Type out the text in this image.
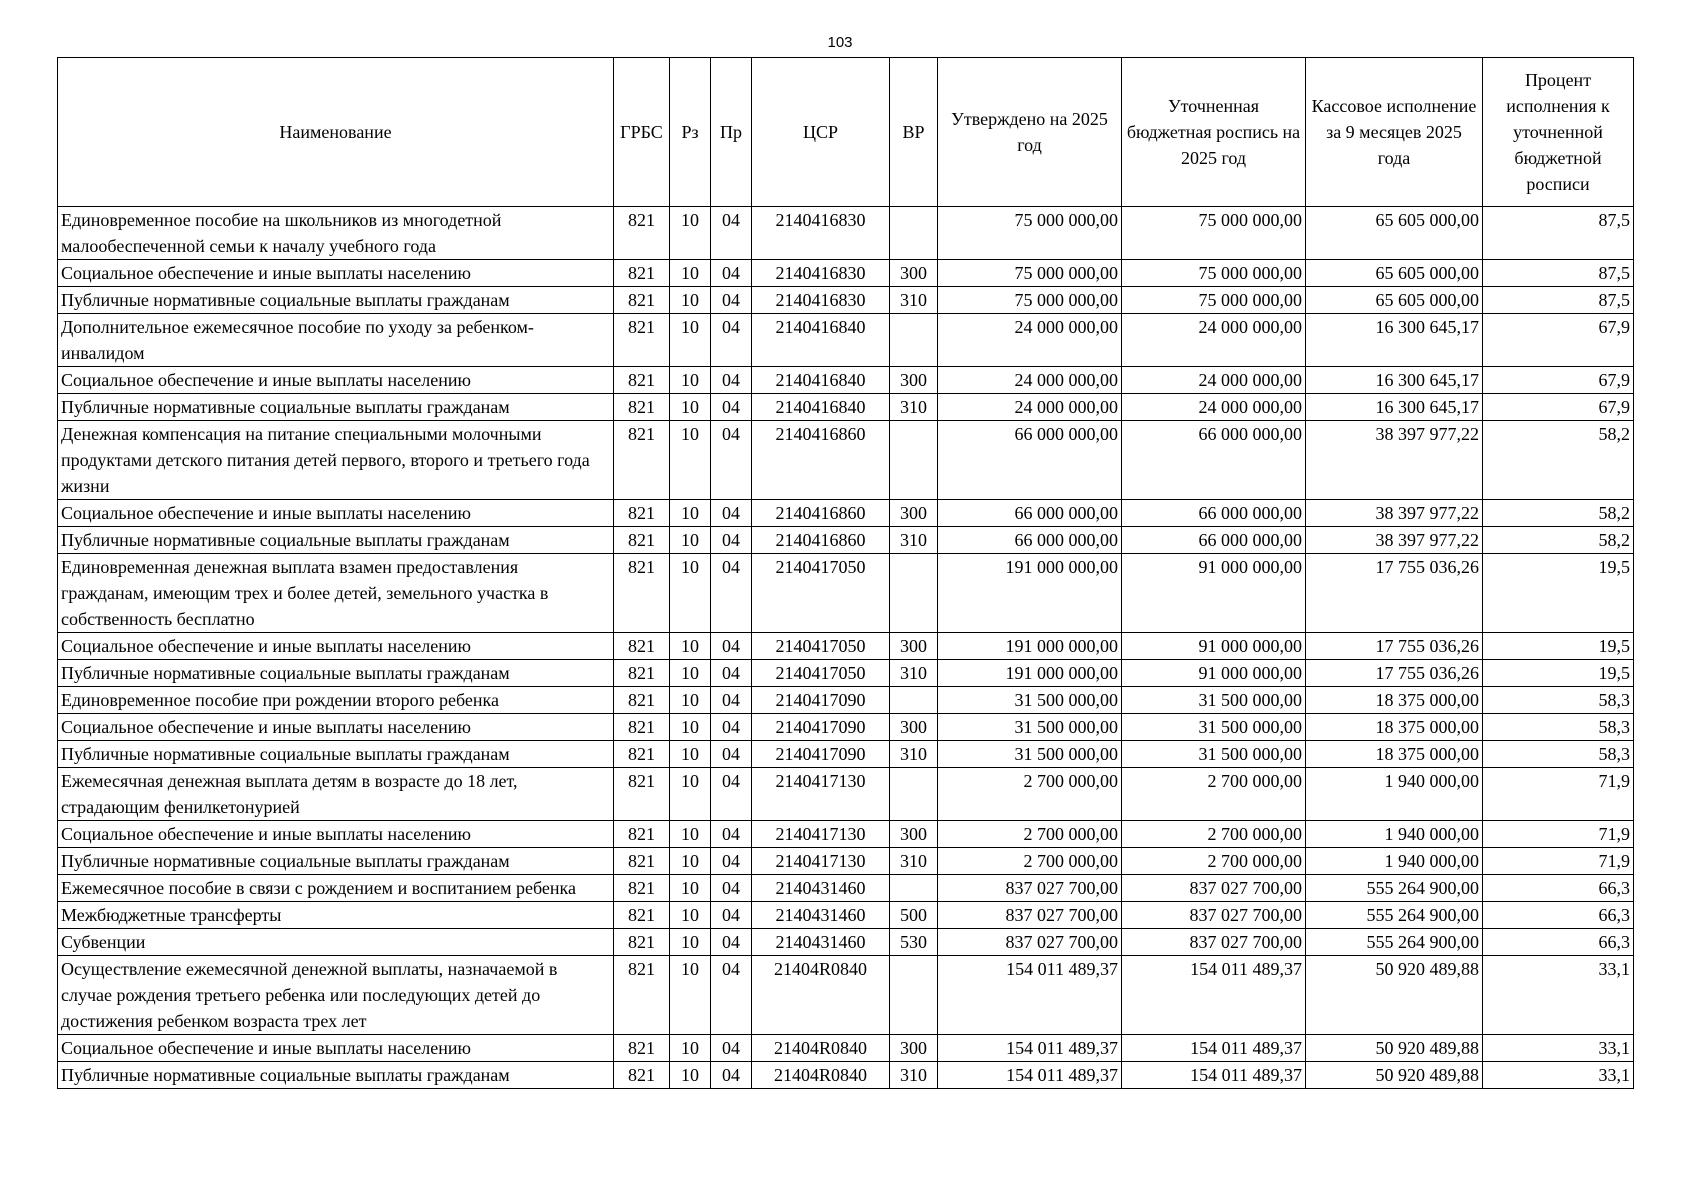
103
Наименование	ГРБС	Рз	Пр	ЦСР	ВР	Утверждено на 2025 год	Уточненная бюджетная роспись на 2025 год	Кассовое исполнение за 9 месяцев 2025 года	Процент исполнения к уточненной бюджетной росписи
Единовременное пособие на школьников из многодетной малообеспеченной семьи к началу учебного года	821	10	04	2140416830		75 000 000,00	75 000 000,00	65 605 000,00	87,5
Социальное обеспечение и иные выплаты населению	821	10	04	2140416830	300	75 000 000,00	75 000 000,00	65 605 000,00	87,5
Публичные нормативные социальные выплаты гражданам	821	10	04	2140416830	310	75 000 000,00	75 000 000,00	65 605 000,00	87,5
Дополнительное ежемесячное пособие по уходу за ребенком-инвалидом	821	10	04	2140416840		24 000 000,00	24 000 000,00	16 300 645,17	67,9
Социальное обеспечение и иные выплаты населению	821	10	04	2140416840	300	24 000 000,00	24 000 000,00	16 300 645,17	67,9
Публичные нормативные социальные выплаты гражданам	821	10	04	2140416840	310	24 000 000,00	24 000 000,00	16 300 645,17	67,9
Денежная компенсация на питание специальными молочными продуктами детского питания детей первого, второго и третьего года жизни	821	10	04	2140416860		66 000 000,00	66 000 000,00	38 397 977,22	58,2
Социальное обеспечение и иные выплаты населению	821	10	04	2140416860	300	66 000 000,00	66 000 000,00	38 397 977,22	58,2
Публичные нормативные социальные выплаты гражданам	821	10	04	2140416860	310	66 000 000,00	66 000 000,00	38 397 977,22	58,2
Единовременная денежная выплата взамен предоставления гражданам, имеющим трех и более детей, земельного участка в собственность бесплатно	821	10	04	2140417050		191 000 000,00	91 000 000,00	17 755 036,26	19,5
Социальное обеспечение и иные выплаты населению	821	10	04	2140417050	300	191 000 000,00	91 000 000,00	17 755 036,26	19,5
Публичные нормативные социальные выплаты гражданам	821	10	04	2140417050	310	191 000 000,00	91 000 000,00	17 755 036,26	19,5
Единовременное пособие при рождении второго ребенка	821	10	04	2140417090		31 500 000,00	31 500 000,00	18 375 000,00	58,3
Социальное обеспечение и иные выплаты населению	821	10	04	2140417090	300	31 500 000,00	31 500 000,00	18 375 000,00	58,3
Публичные нормативные социальные выплаты гражданам	821	10	04	2140417090	310	31 500 000,00	31 500 000,00	18 375 000,00	58,3
Ежемесячная денежная выплата детям в возрасте до 18 лет, страдающим фенилкетонурией	821	10	04	2140417130		2 700 000,00	2 700 000,00	1 940 000,00	71,9
Социальное обеспечение и иные выплаты населению	821	10	04	2140417130	300	2 700 000,00	2 700 000,00	1 940 000,00	71,9
Публичные нормативные социальные выплаты гражданам	821	10	04	2140417130	310	2 700 000,00	2 700 000,00	1 940 000,00	71,9
Ежемесячное пособие в связи с рождением и воспитанием ребенка	821	10	04	2140431460		837 027 700,00	837 027 700,00	555 264 900,00	66,3
Межбюджетные трансферты	821	10	04	2140431460	500	837 027 700,00	837 027 700,00	555 264 900,00	66,3
Субвенции	821	10	04	2140431460	530	837 027 700,00	837 027 700,00	555 264 900,00	66,3
Осуществление ежемесячной денежной выплаты, назначаемой в случае рождения третьего ребенка или последующих детей до достижения ребенком возраста трех лет	821	10	04	21404R0840		154 011 489,37	154 011 489,37	50 920 489,88	33,1
Социальное обеспечение и иные выплаты населению	821	10	04	21404R0840	300	154 011 489,37	154 011 489,37	50 920 489,88	33,1
Публичные нормативные социальные выплаты гражданам	821	10	04	21404R0840	310	154 011 489,37	154 011 489,37	50 920 489,88	33,1
